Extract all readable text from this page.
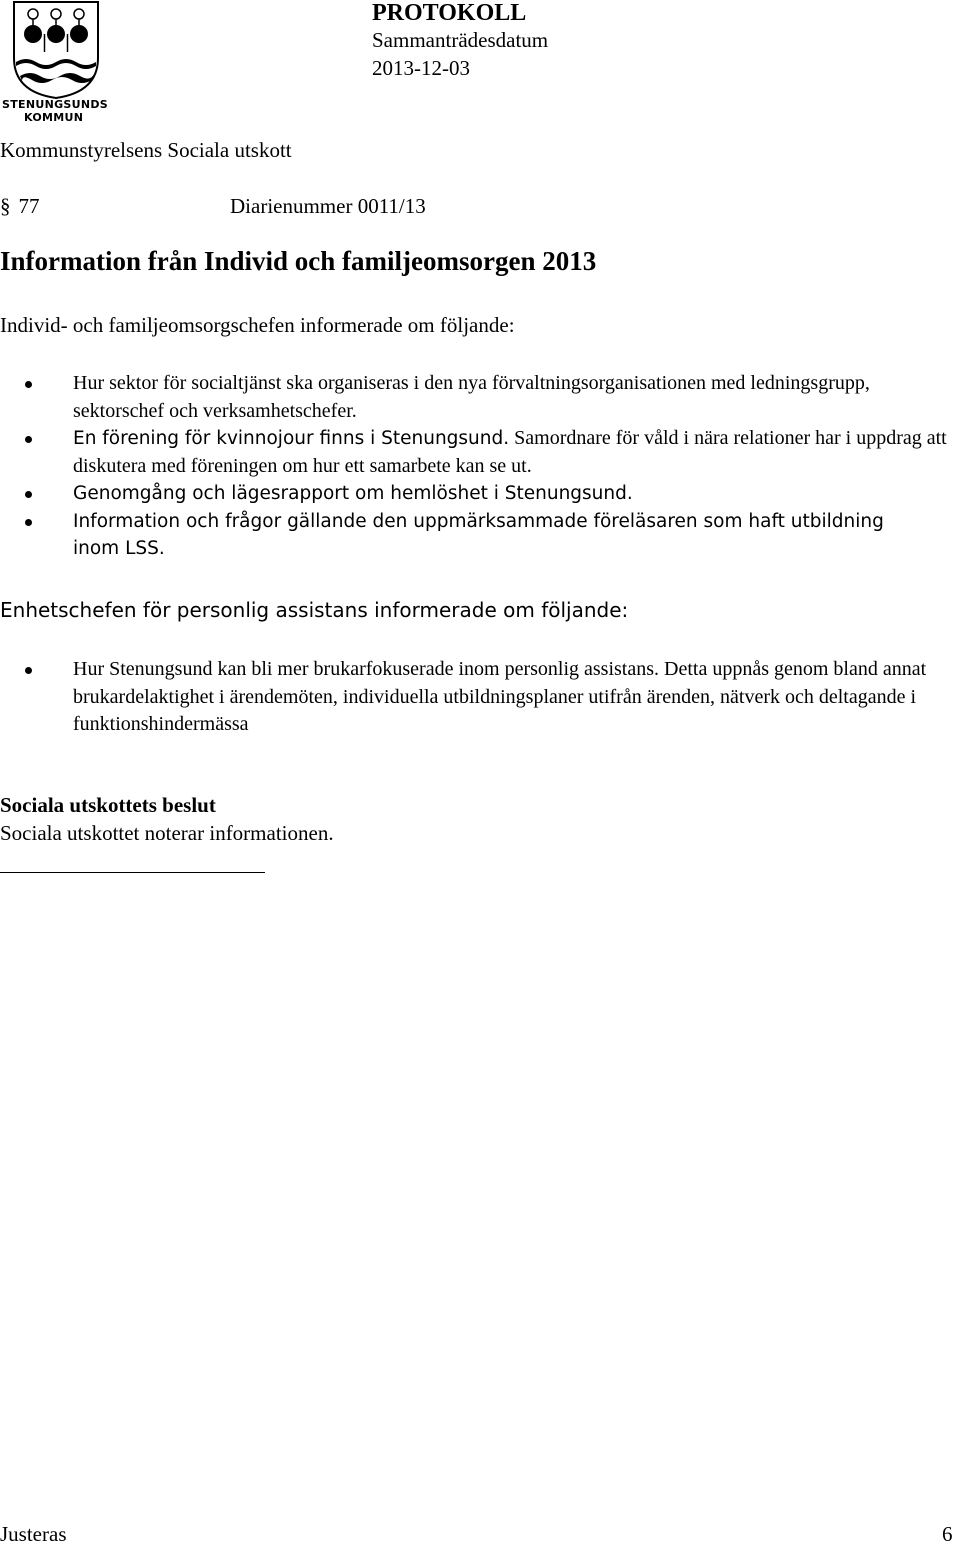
STENUNGSUNDS
KOMMUN
PROTOKOLL
Sammanträdesdatum
2013-12-03
Kommunstyrelsens Sociala utskott
§ 77	Diarienummer 0011/13
Information från Individ och familjeomsorgen 2013
Individ- och familjeomsorgschefen informerade om följande:
Hur sektor för socialtjänst ska organiseras i den nya förvaltningsorganisationen med ledningsgrupp, sektorschef och verksamhetschefer.
En förening för kvinnojour finns i Stenungsund. Samordnare för våld i nära relationer har i uppdrag att diskutera med föreningen om hur ett samarbete kan se ut.
Genomgång och lägesrapport om hemlöshet i Stenungsund.
Information och frågor gällande den uppmärksammade föreläsaren som haft utbildning inom LSS.
Enhetschefen för personlig assistans informerade om följande:
Hur Stenungsund kan bli mer brukarfokuserade inom personlig assistans. Detta uppnås genom bland annat brukardelaktighet i ärendemöten, individuella utbildningsplaner utifrån ärenden, nätverk och deltagande i funktionshindermässa
Sociala utskottets beslut
Sociala utskottet noterar informationen.
Justeras	6
